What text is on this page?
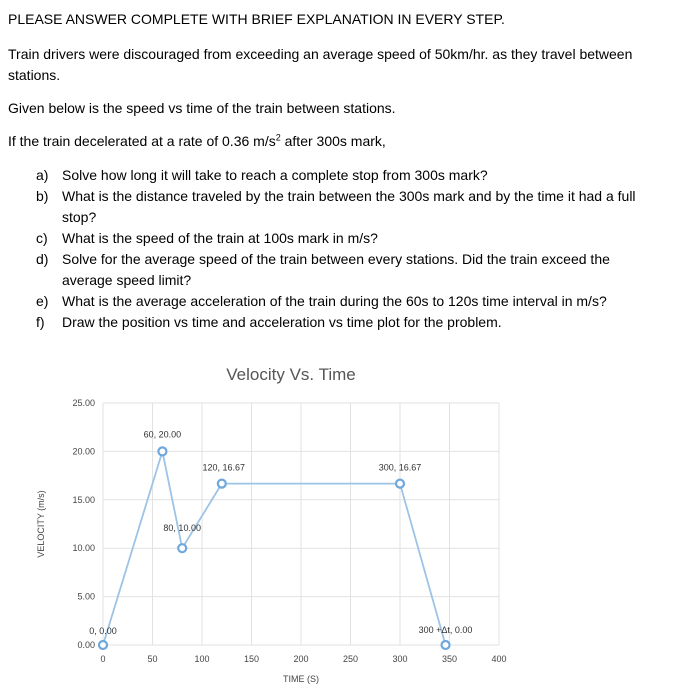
PLEASE ANSWER COMPLETE WITH BRIEF EXPLANATION IN EVERY STEP.
Train drivers were discouraged from exceeding an average speed of 50km/hr. as they travel between
stations.
Given below is the speed vs time of the train between stations.
If the train decelerated at a rate of 0.36 $m/s^2$ after 300s mark,
a) Solve how long it will take to reach a complete stop from 300s mark?
b) What is the distance traveled by the train between the 300s mark and by the time it had a full
stop?
c) What is the speed of the train at 100s mark in m/s?
d) Solve for the average speed of the train between every stations. Did the train exceed the
average speed limit?
e) What is the average acceleration of the train during the 60s to 120s time interval in m/s?
f) Draw the position vs time and acceleration vs time plot for the problem.
Velocity Vs. Time
0.00
5.00
10.00
15.00
20.00
25.00
0	50	100	150	200	250	300	350	400
TIME (S)
VELOCITY (m/s)
0, 0.00
60, 20.00
80, 10.00
120, 16.67	300, 16.67
300 +Δt, 0.00
